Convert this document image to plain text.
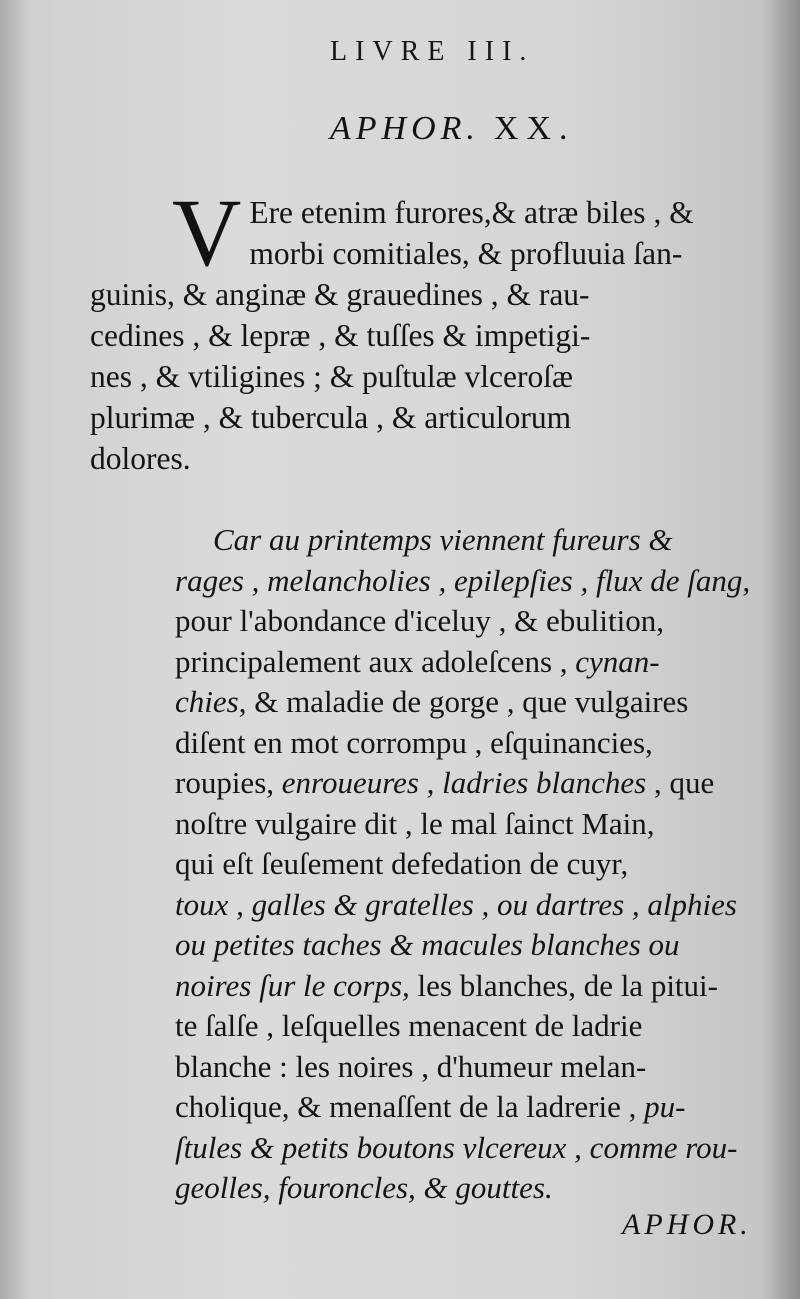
LIVRE III.
APHOR. XX.
V Ere etenim furores,& atræ biles , &
morbi comitiales, & profluuia ſan-
guinis, & anginæ & grauedines , & rau-
cedines , & lepræ , & tuſſes & impetigi-
nes , & vtiligines ; & puſtulæ vlceroſæ
plurimæ , & tubercula , & articulorum
dolores.
Car au printemps viennent fureurs &
rages , melancholies , epilepſies , flux de ſang,
pour l'abondance d'iceluy , & ebulition,
principalement aux adoleſcens , cynan-
chies, & maladie de gorge , que vulgaires
diſent en mot corrompu , eſquinancies,
roupies, enroueures , ladries blanches , que
noſtre vulgaire dit , le mal ſainct Main,
qui eſt ſeuſement defedation de cuyr,
toux , galles & gratelles , ou dartres , alphies
ou petites taches & macules blanches ou
noires ſur le corps, les blanches, de la pitui-
te ſalſe , leſquelles menacent de ladrie
blanche : les noires , d'humeur melan-
cholique, & menaſſent de la ladrerie , pu-
ſtules & petits boutons vlcereux , comme rou-
geolles, fouroncles, & gouttes.
APHOR.
